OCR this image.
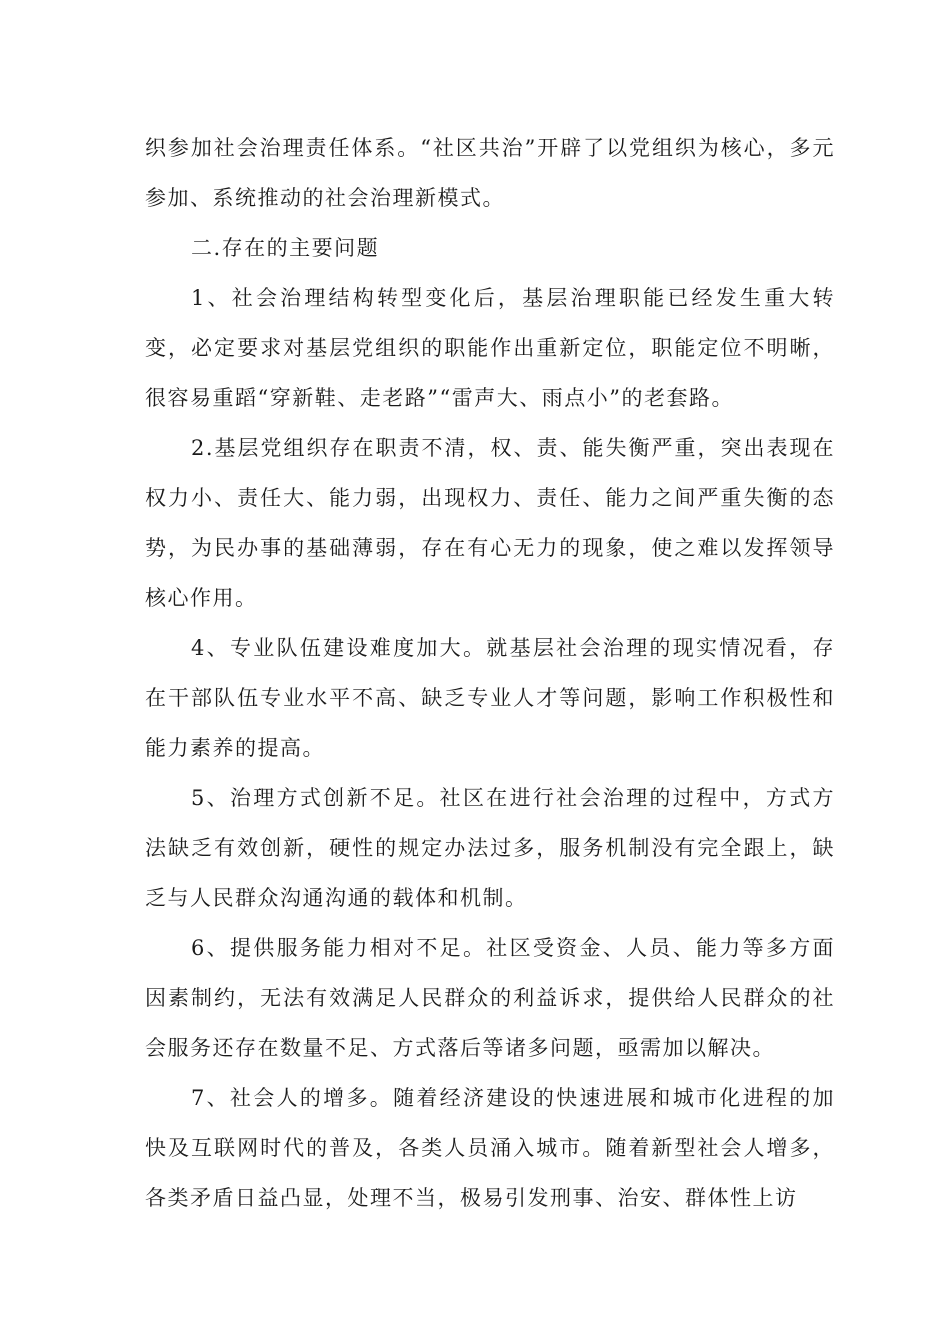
织参加社会治理责任体系。“社区共治”开辟了以党组织为核心，多元参加、系统推动的社会治理新模式。

二.存在的主要问题

1、社会治理结构转型变化后，基层治理职能已经发生重大转变，必定要求对基层党组织的职能作出重新定位，职能定位不明晰，很容易重蹈“穿新鞋、走老路”“雷声大、雨点小”的老套路。

2.基层党组织存在职责不清，权、责、能失衡严重，突出表现在权力小、责任大、能力弱，出现权力、责任、能力之间严重失衡的态势，为民办事的基础薄弱，存在有心无力的现象，使之难以发挥领导核心作用。

4、专业队伍建设难度加大。就基层社会治理的现实情况看，存在干部队伍专业水平不高、缺乏专业人才等问题，影响工作积极性和能力素养的提高。

5、治理方式创新不足。社区在进行社会治理的过程中，方式方法缺乏有效创新，硬性的规定办法过多，服务机制没有完全跟上，缺乏与人民群众沟通沟通的载体和机制。

6、提供服务能力相对不足。社区受资金、人员、能力等多方面因素制约，无法有效满足人民群众的利益诉求，提供给人民群众的社会服务还存在数量不足、方式落后等诸多问题，亟需加以解决。

7、社会人的增多。随着经济建设的快速进展和城市化进程的加快及互联网时代的普及，各类人员涌入城市。随着新型社会人增多，各类矛盾日益凸显，处理不当，极易引发刑事、治安、群体性上访
